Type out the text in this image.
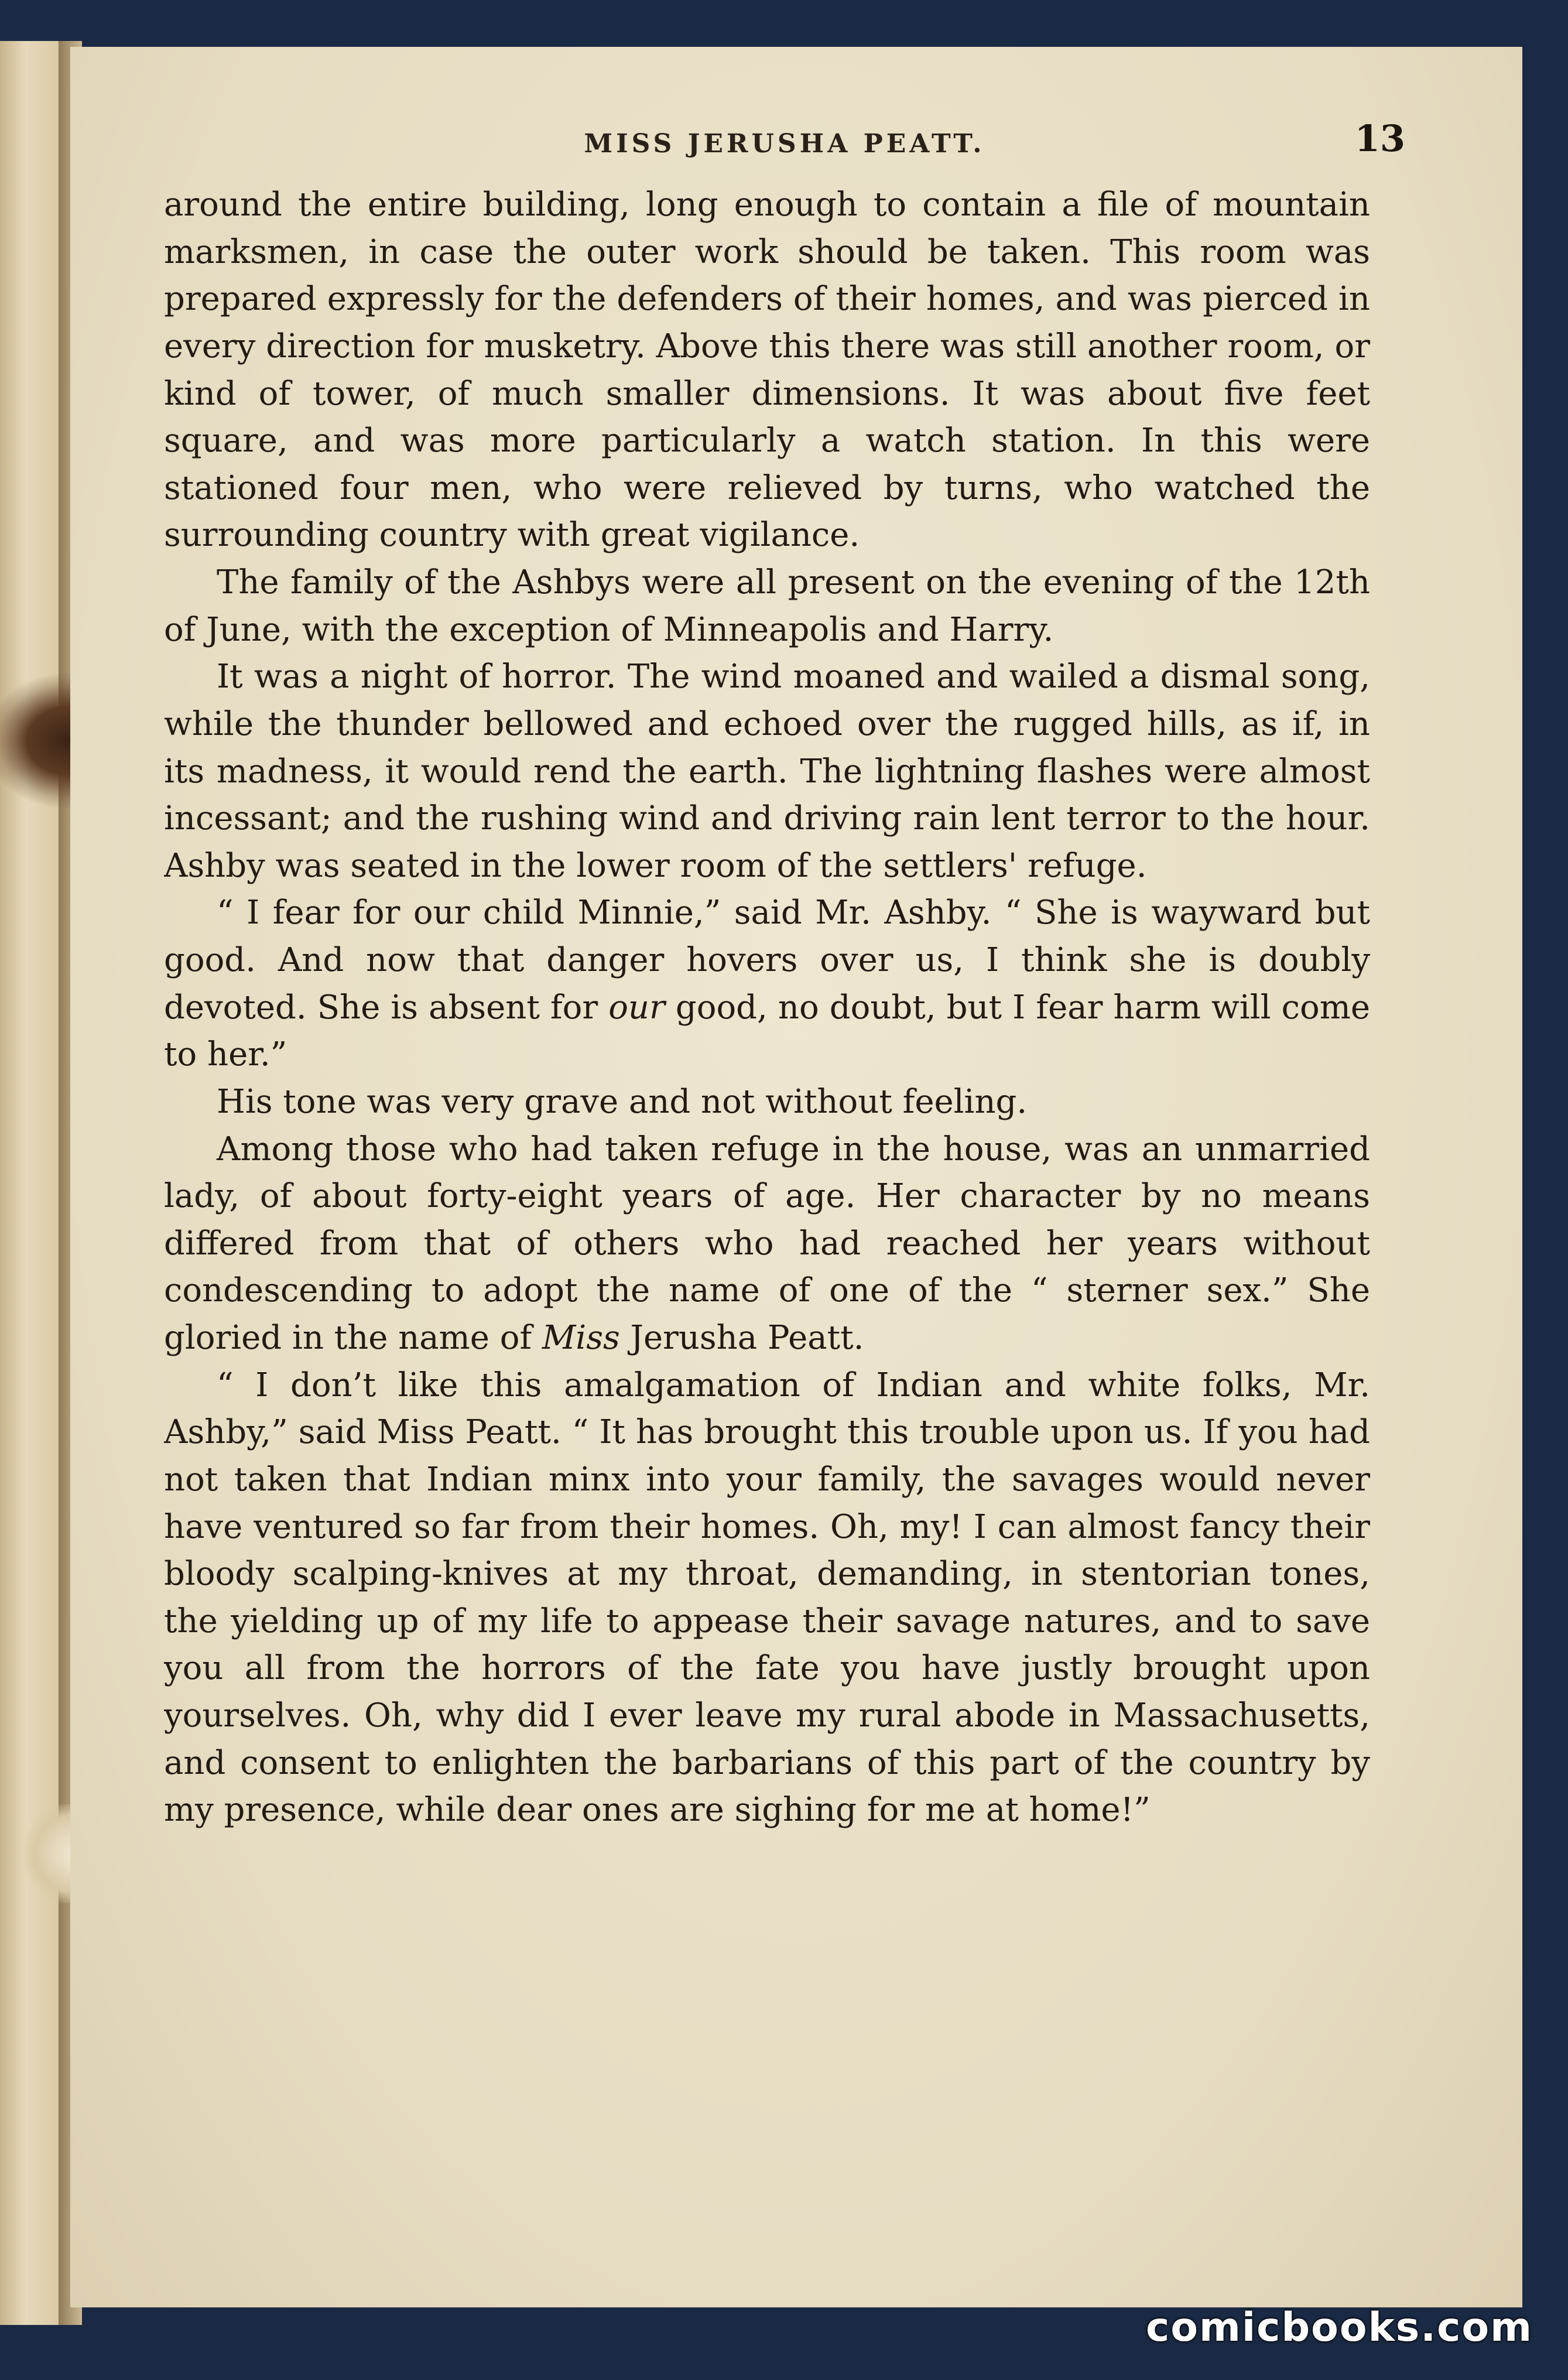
MISS JERUSHA PEATT.	13

around the entire building, long enough to contain a file of mountain marksmen, in case the outer work should be taken. This room was prepared expressly for the defenders of their homes, and was pierced in every direction for musketry. Above this there was still another room, or kind of tower, of much smaller dimensions. It was about five feet square, and was more particularly a watch station. In this were stationed four men, who were relieved by turns, who watched the surrounding country with great vigilance.

The family of the Ashbys were all present on the evening of the 12th of June, with the exception of Minneapolis and Harry.

It was a night of horror. The wind moaned and wailed a dismal song, while the thunder bellowed and echoed over the rugged hills, as if, in its madness, it would rend the earth. The lightning flashes were almost incessant; and the rushing wind and driving rain lent terror to the hour. Ashby was seated in the lower room of the settlers' refuge.

“ I fear for our child Minnie,” said Mr. Ashby. “ She is wayward but good. And now that danger hovers over us, I think she is doubly devoted. She is absent for our good, no doubt, but I fear harm will come to her.”

His tone was very grave and not without feeling.

Among those who had taken refuge in the house, was an unmarried lady, of about forty-eight years of age. Her character by no means differed from that of others who had reached her years without condescending to adopt the name of one of the “ sterner sex.” She gloried in the name of Miss Jerusha Peatt.

“ I don’t like this amalgamation of Indian and white folks, Mr. Ashby,” said Miss Peatt. “ It has brought this trouble upon us. If you had not taken that Indian minx into your family, the savages would never have ventured so far from their homes. Oh, my! I can almost fancy their bloody scalping-knives at my throat, demanding, in stentorian tones, the yielding up of my life to appease their savage natures, and to save you all from the horrors of the fate you have justly brought upon yourselves. Oh, why did I ever leave my rural abode in Massachusetts, and consent to enlighten the barbarians of this part of the country by my presence, while dear ones are sighing for me at home!”

comicbooks.com
